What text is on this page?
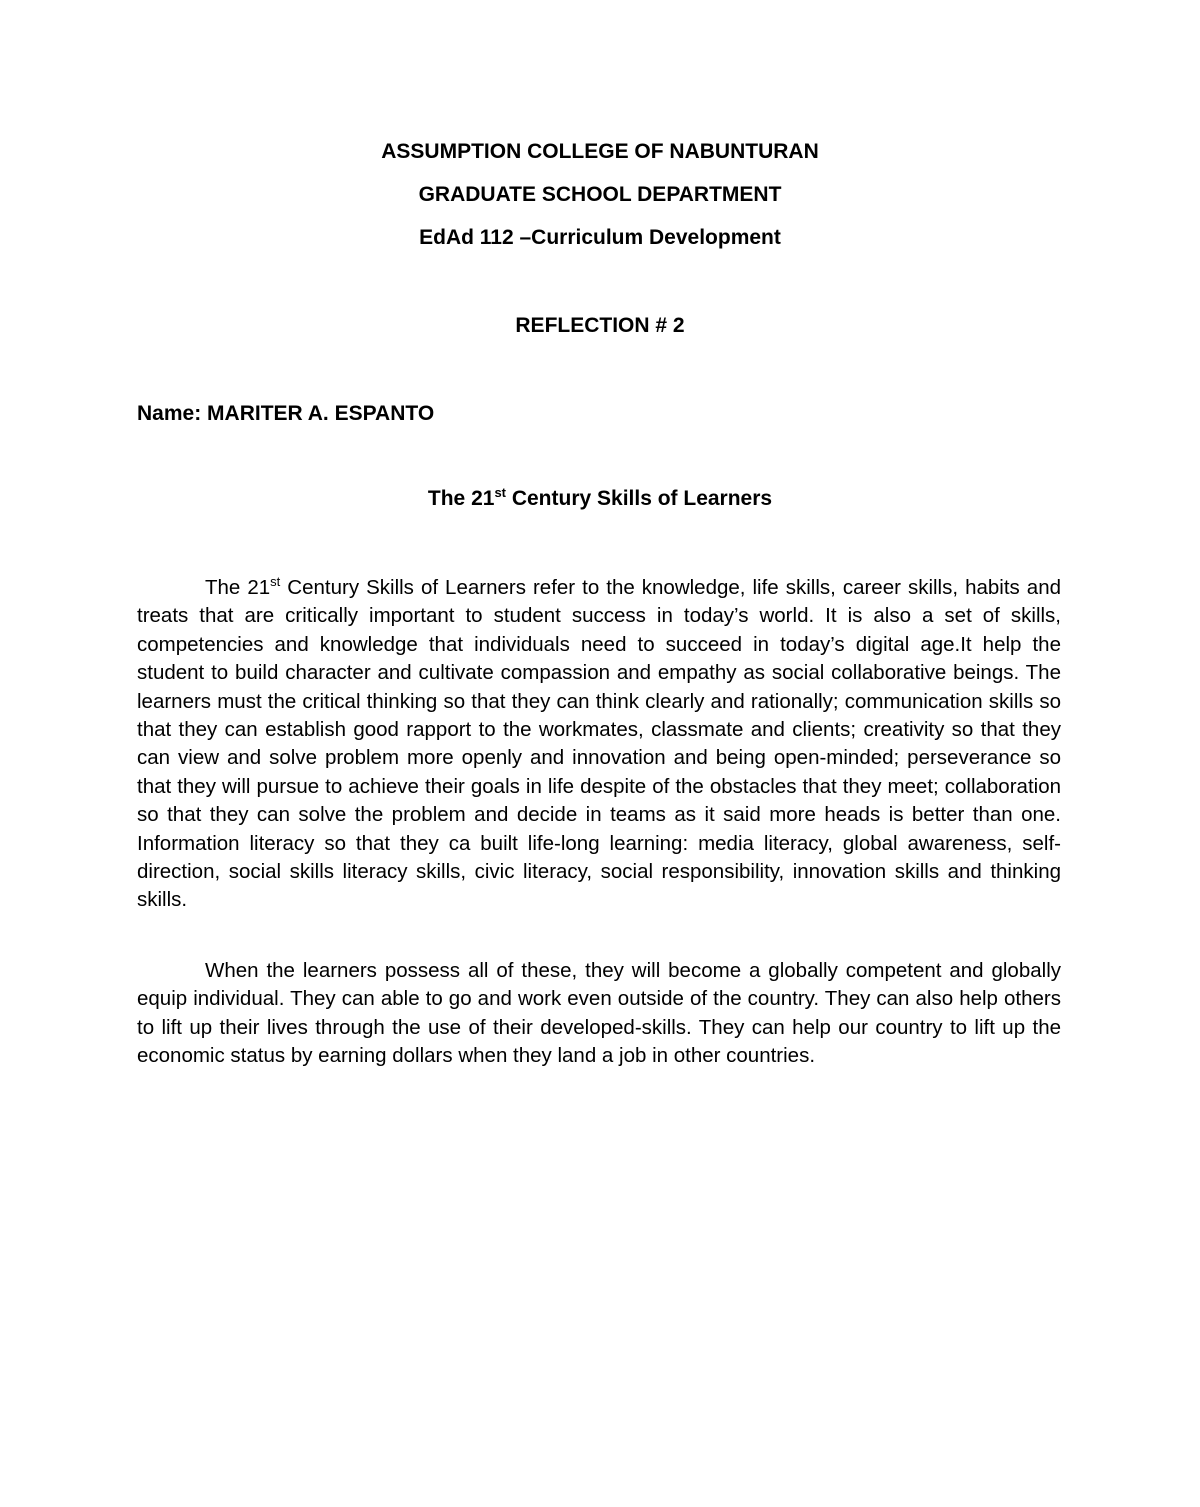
ASSUMPTION COLLEGE OF NABUNTURAN

GRADUATE SCHOOL DEPARTMENT

EdAd 112 –Curriculum Development

REFLECTION # 2

Name: MARITER A. ESPANTO

The 21st Century Skills of Learners

The 21st Century Skills of Learners refer to the knowledge, life skills, career skills, habits and treats that are critically important to student success in today’s world. It is also a set of skills, competencies and knowledge that individuals need to succeed in today’s digital age.It help the student to build character and cultivate compassion and empathy as social collaborative beings. The learners must the critical thinking so that they can think clearly and rationally; communication skills so that they can establish good rapport to the workmates, classmate and clients; creativity so that they can view and solve problem more openly and innovation and being open-minded; perseverance so that they will pursue to achieve their goals in life despite of the obstacles that they meet; collaboration so that they can solve the problem and decide in teams as it said more heads is better than one. Information literacy so that they ca built life-long learning: media literacy, global awareness, self-direction, social skills literacy skills, civic literacy, social responsibility, innovation skills and thinking skills.

When the learners possess all of these, they will become a globally competent and globally equip individual. They can able to go and work even outside of the country. They can also help others to lift up their lives through the use of their developed-skills. They can help our country to lift up the economic status by earning dollars when they land a job in other countries.
